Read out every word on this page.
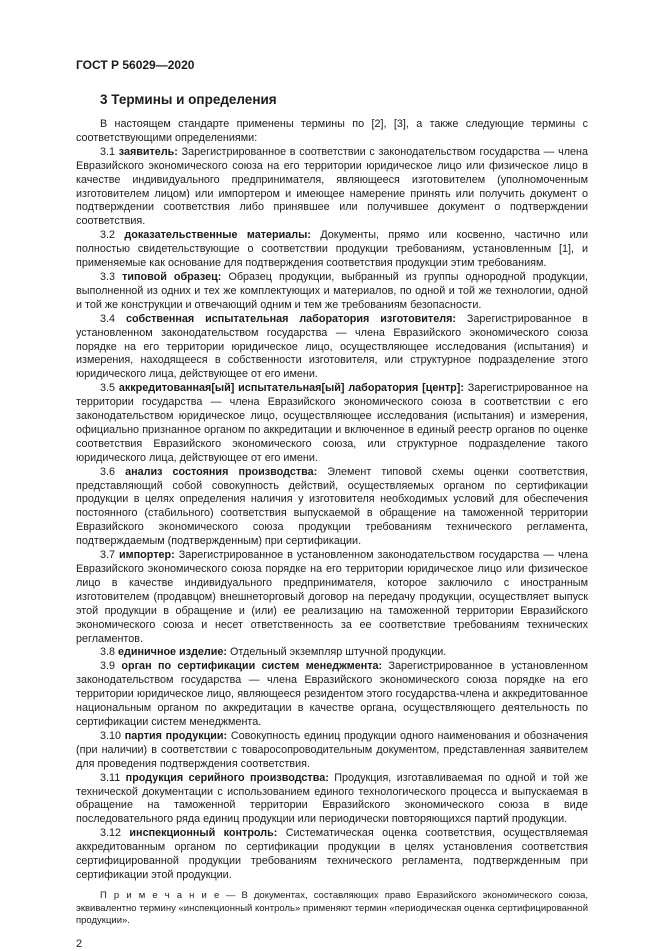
ГОСТ Р 56029—2020
3 Термины и определения

В настоящем стандарте применены термины по [2], [3], а также следующие термины с соответствующими определениями:

3.1 заявитель: Зарегистрированное в соответствии с законодательством государства — члена Евразийского экономического союза на его территории юридическое лицо или физическое лицо в качестве индивидуального предпринимателя, являющееся изготовителем (уполномоченным изготовителем лицом) или импортером и имеющее намерение принять или получить документ о подтверждении соответствия либо принявшее или получившее документ о подтверждении соответствия.

3.2 доказательственные материалы: Документы, прямо или косвенно, частично или полностью свидетельствующие о соответствии продукции требованиям, установленным [1], и применяемые как основание для подтверждения соответствия продукции этим требованиям.

3.3 типовой образец: Образец продукции, выбранный из группы однородной продукции, выполненной из одних и тех же комплектующих и материалов, по одной и той же технологии, одной и той же конструкции и отвечающий одним и тем же требованиям безопасности.

3.4 собственная испытательная лаборатория изготовителя: Зарегистрированное в установленном законодательством государства — члена Евразийского экономического союза порядке на его территории юридическое лицо, осуществляющее исследования (испытания) и измерения, находящееся в собственности изготовителя, или структурное подразделение этого юридического лица, действующее от его имени.

3.5 аккредитованная[ый] испытательная[ый] лаборатория [центр]: Зарегистрированное на территории государства — члена Евразийского экономического союза в соответствии с его законодательством юридическое лицо, осуществляющее исследования (испытания) и измерения, официально признанное органом по аккредитации и включенное в единый реестр органов по оценке соответствия Евразийского экономического союза, или структурное подразделение такого юридического лица, действующее от его имени.

3.6 анализ состояния производства: Элемент типовой схемы оценки соответствия, представляющий собой совокупность действий, осуществляемых органом по сертификации продукции в целях определения наличия у изготовителя необходимых условий для обеспечения постоянного (стабильного) соответствия выпускаемой в обращение на таможенной территории Евразийского экономического союза продукции требованиям технического регламента, подтверждаемым (подтвержденным) при сертификации.

3.7 импортер: Зарегистрированное в установленном законодательством государства — члена Евразийского экономического союза порядке на его территории юридическое лицо или физическое лицо в качестве индивидуального предпринимателя, которое заключило с иностранным изготовителем (продавцом) внешнеторговый договор на передачу продукции, осуществляет выпуск этой продукции в обращение и (или) ее реализацию на таможенной территории Евразийского экономического союза и несет ответственность за ее соответствие требованиям технических регламентов.

3.8 единичное изделие: Отдельный экземпляр штучной продукции.

3.9 орган по сертификации систем менеджмента: Зарегистрированное в установленном законодательством государства — члена Евразийского экономического союза порядке на его территории юридическое лицо, являющееся резидентом этого государства-члена и аккредитованное национальным органом по аккредитации в качестве органа, осуществляющего деятельность по сертификации систем менеджмента.

3.10 партия продукции: Совокупность единиц продукции одного наименования и обозначения (при наличии) в соответствии с товаросопроводительным документом, представленная заявителем для проведения подтверждения соответствия.

3.11 продукция серийного производства: Продукция, изготавливаемая по одной и той же технической документации с использованием единого технологического процесса и выпускаемая в обращение на таможенной территории Евразийского экономического союза в виде последовательного ряда единиц продукции или периодически повторяющихся партий продукции.

3.12 инспекционный контроль: Систематическая оценка соответствия, осуществляемая аккредитованным органом по сертификации продукции в целях установления соответствия сертифицированной продукции требованиям технического регламента, подтвержденным при сертификации этой продукции.

П р и м е ч а н и е — В документах, составляющих право Евразийского экономического союза, эквивалентно термину «инспекционный контроль» применяют термин «периодическая оценка сертифицированной продукции».

2
